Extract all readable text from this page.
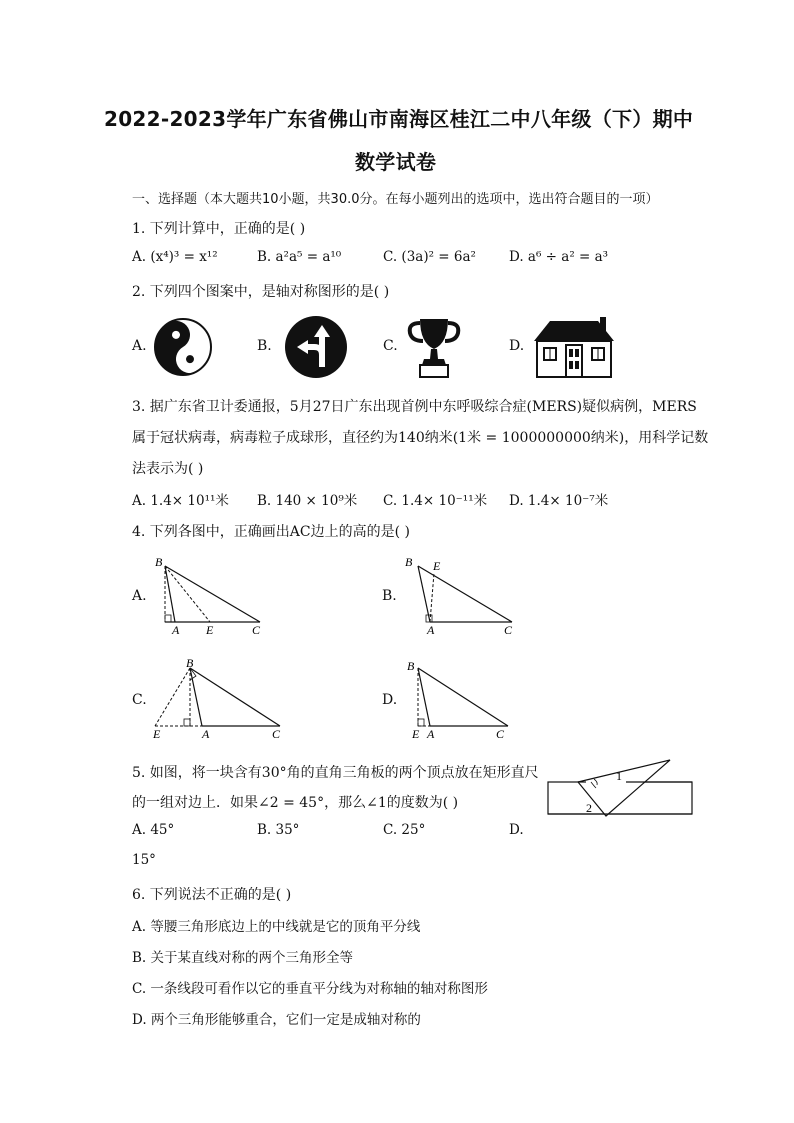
2022-2023学年广东省佛山市南海区桂江二中八年级（下）期中
数学试卷
一、选择题（本大题共10小题，共30.0分。在每小题列出的选项中，选出符合题目的一项）
1. 下列计算中，正确的是( )
A. (x⁴)³ = x¹²	B. a²a⁵ = a¹⁰	C. (3a)² = 6a² D. a⁶ ÷ a² = a³
2. 下列四个图案中，是轴对称图形的是( )
A.	B.	C.	D.
3. 据广东省卫计委通报，5月27日广东出现首例中东呼吸综合症(MERS)疑似病例，MERS
属于冠状病毒，病毒粒子成球形，直径约为140纳米(1米 = 1000000000纳米)，用科学记数
法表示为( )
A. 1.4× 10¹¹米 B. 140 × 10⁹米 C. 1.4× 10⁻¹¹米 D. 1.4× 10⁻⁷米
4. 下列各图中，正确画出AC边上的高的是( )
A.	B.
C.	D.
B
A E	C
B E
A	C
B
E	A	C
B
E A	C
5. 如图，将一块含有30°角的直角三角板的两个顶点放在矩形直尺
的一组对边上．如果∠2 = 45°，那么∠1的度数为( )
A. 45°	B. 35°	C. 25°	D.
15°
1
2
6. 下列说法不正确的是( )
A. 等腰三角形底边上的中线就是它的顶角平分线
B. 关于某直线对称的两个三角形全等
C. 一条线段可看作以它的垂直平分线为对称轴的轴对称图形
D. 两个三角形能够重合，它们一定是成轴对称的
